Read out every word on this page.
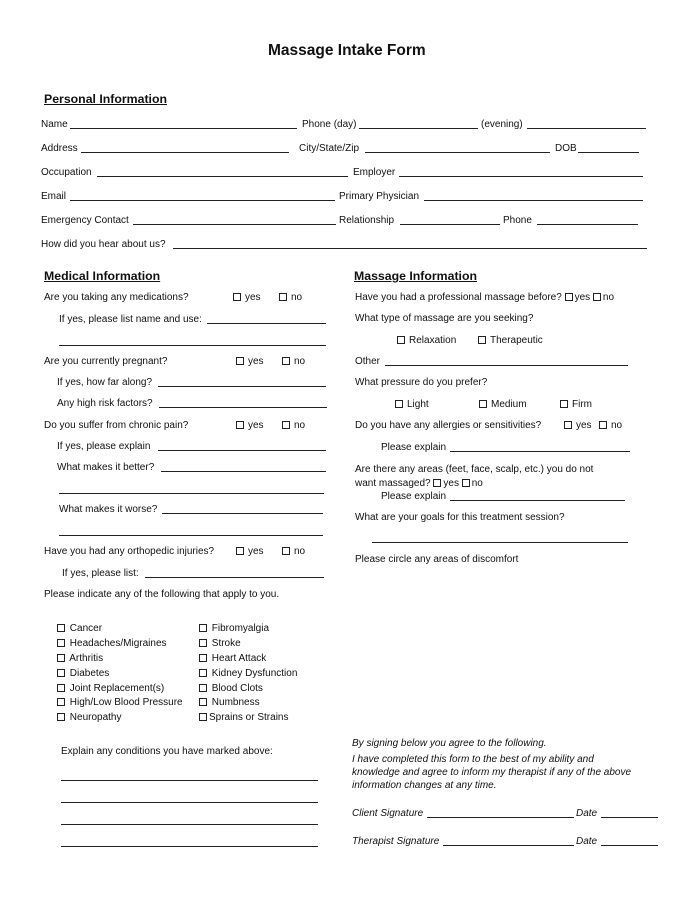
Massage Intake Form
Personal Information
Name	Phone (day)	(evening)
Address	City/State/Zip	DOB
Occupation	Employer
Email	Primary Physician
Emergency Contact	Relationship	Phone
How did you hear about us?
Medical Information
Are you taking any medications?	yes	no
If yes, please list name and use:
Are you currently pregnant?	yes	no
If yes, how far along?
Any high risk factors?
Do you suffer from chronic pain?	yes	no
If yes, please explain
What makes it better?
What makes it worse?
Have you had any orthopedic injuries?	yes	no
If yes, please list:
Please indicate any of the following that apply to you.
Cancer
Headaches/Migraines
Arthritis
Diabetes
Joint Replacement(s)
High/Low Blood Pressure
Neuropathy
Fibromyalgia
Stroke
Heart Attack
Kidney Dysfunction
Blood Clots
Numbness
Sprains or Strains
Explain any conditions you have marked above:
Massage Information
Have you had a professional massage before? yes no
What type of massage are you seeking?
Relaxation	Therapeutic
Other
What pressure do you prefer?
Light	Medium	Firm
Do you have any allergies or sensitivities?	yes	no
Please explain
Are there any areas (feet, face, scalp, etc.) you do not
want massaged? yes no
Please explain
What are your goals for this treatment session?
Please circle any areas of discomfort
By signing below you agree to the following.
I have completed this form to the best of my ability and
knowledge and agree to inform my therapist if any of the above
information changes at any time.
Client Signature	Date
Therapist Signature	Date
